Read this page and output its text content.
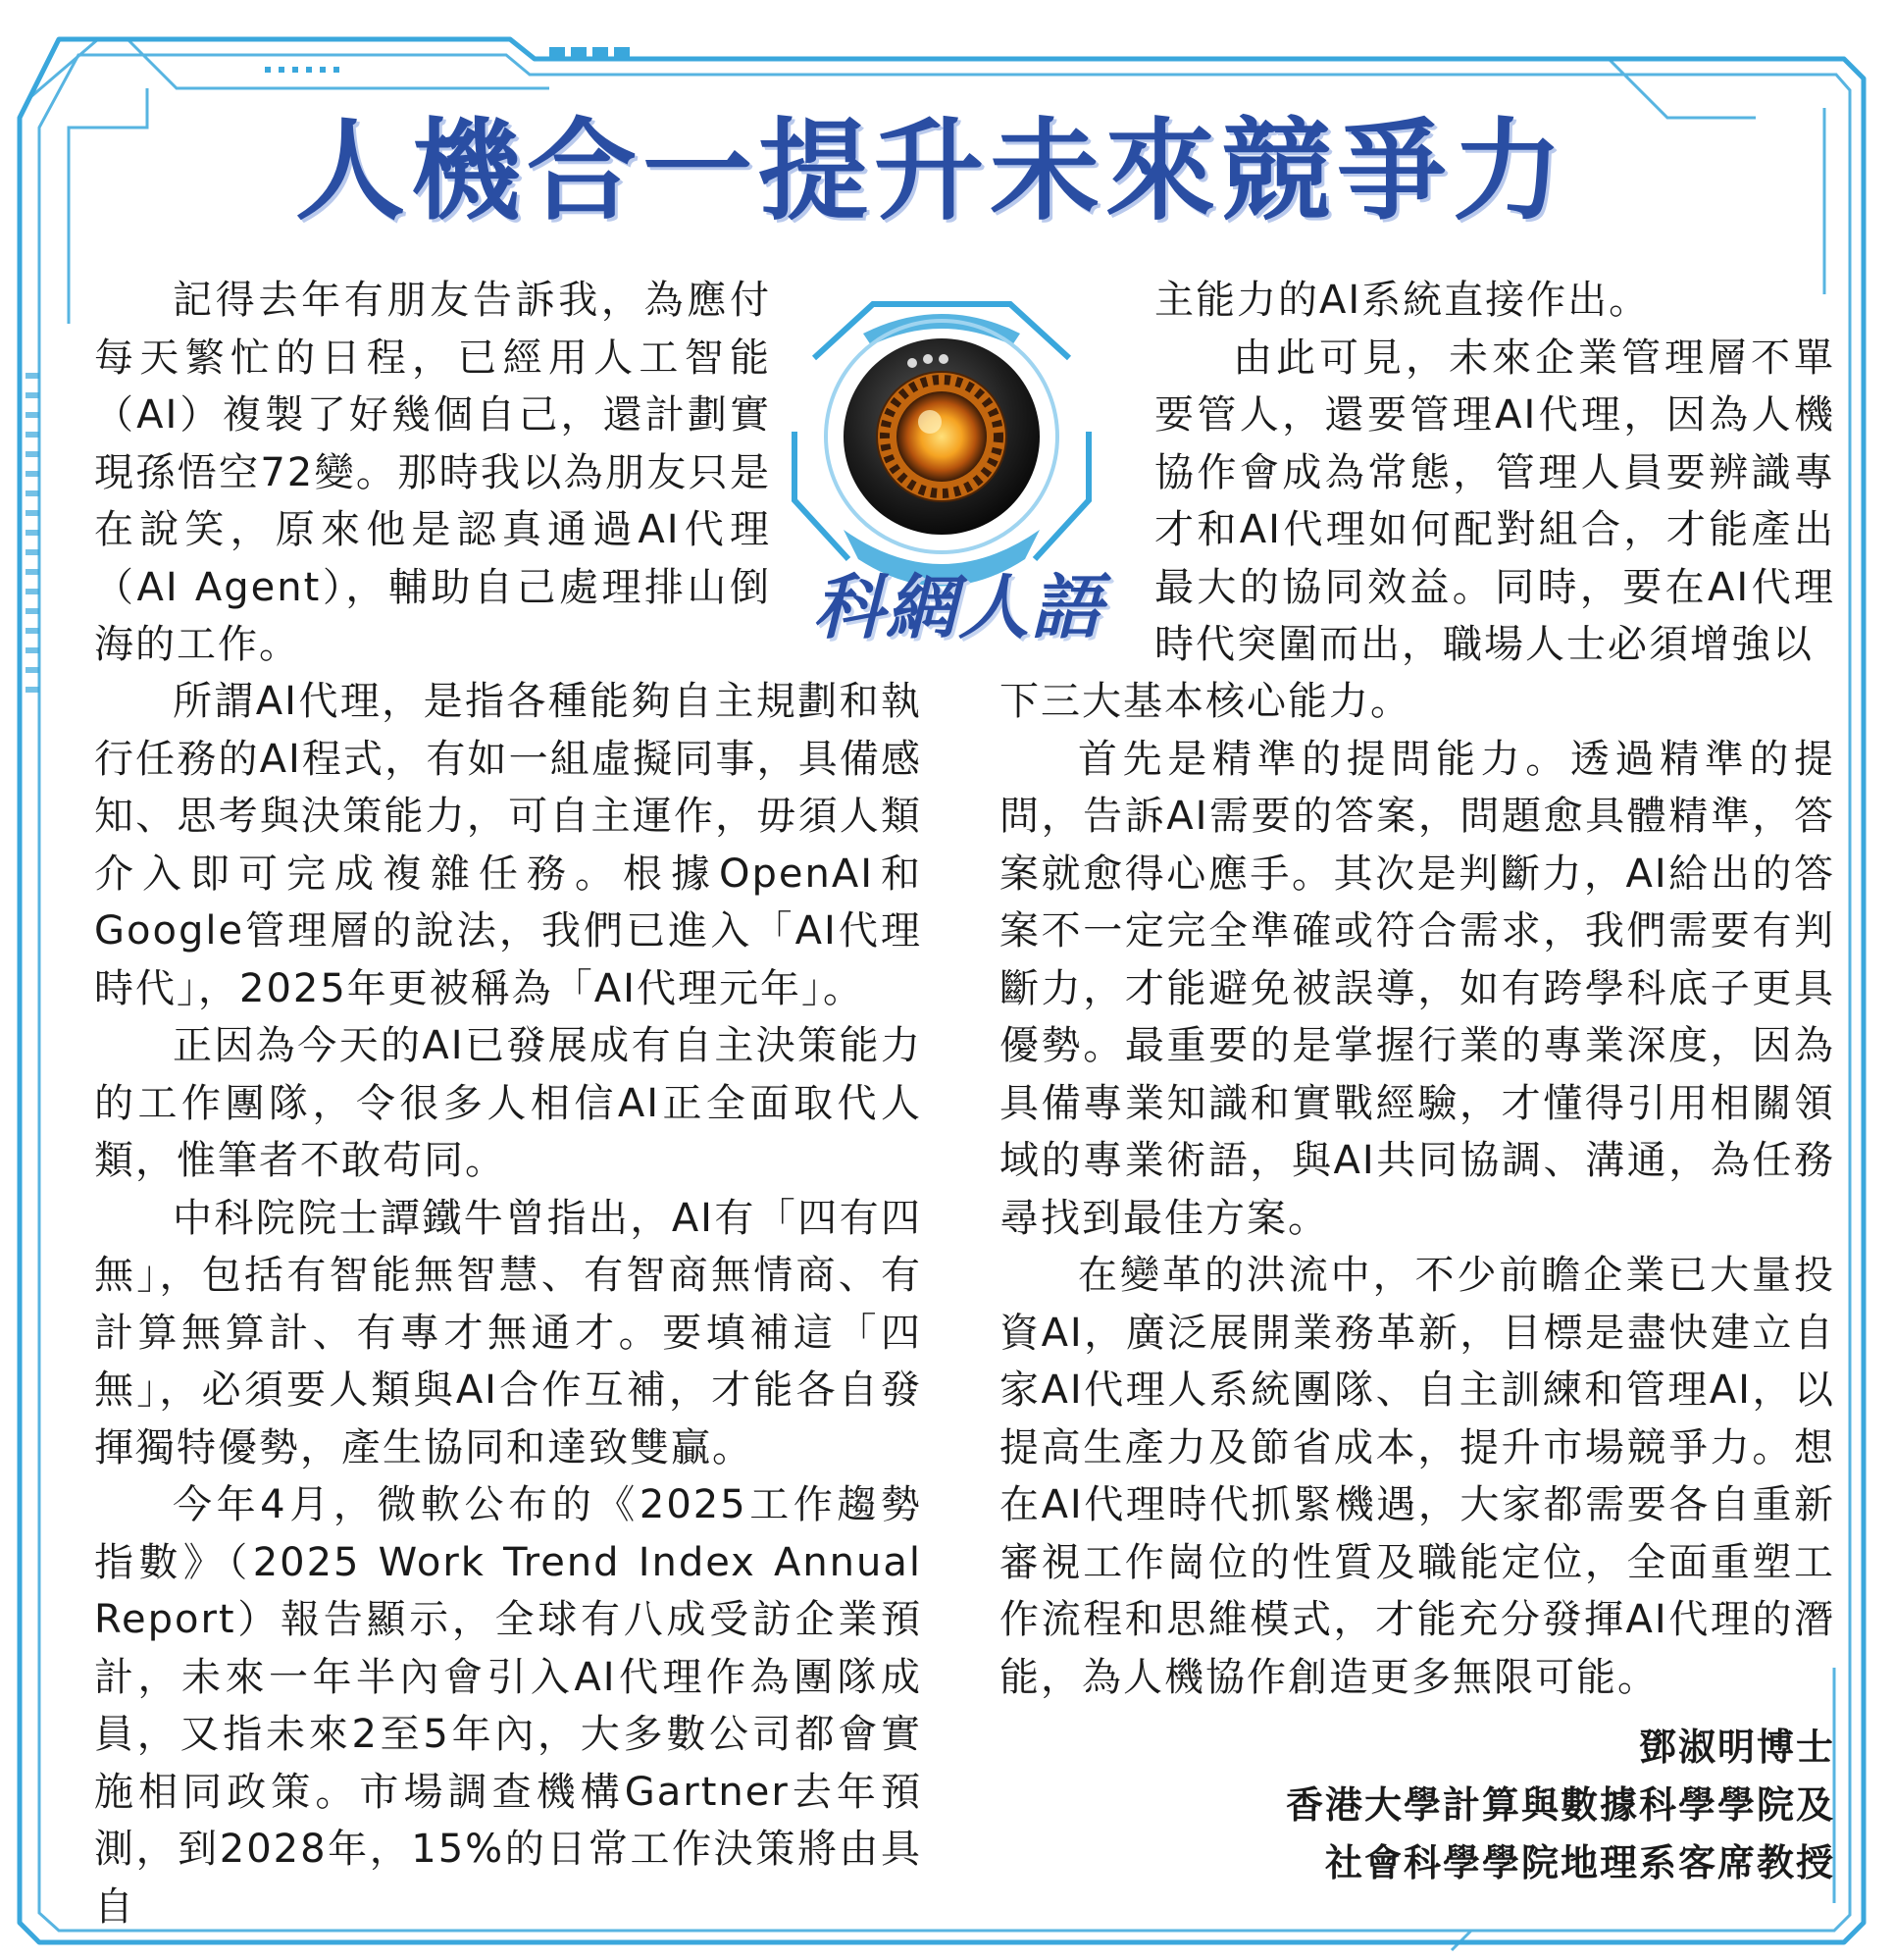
人機合一提升未來競爭力
科網人語

記得去年有朋友告訴我，為應付每天繁忙的日程，已經用人工智能（AI）複製了好幾個自己，還計劃實現孫悟空72變。那時我以為朋友只是在說笑，原來他是認真通過AI代理（AI Agent），輔助自己處理排山倒海的工作。

所謂AI代理，是指各種能夠自主規劃和執行任務的AI程式，有如一組虛擬同事，具備感知、思考與決策能力，可自主運作，毋須人類介入即可完成複雜任務。根據OpenAI和Google管理層的說法，我們已進入「AI代理時代」，2025年更被稱為「AI代理元年」。

正因為今天的AI已發展成有自主決策能力的工作團隊，令很多人相信AI正全面取代人類，惟筆者不敢苟同。

中科院院士譚鐵牛曾指出，AI有「四有四無」，包括有智能無智慧、有智商無情商、有計算無算計、有專才無通才。要填補這「四無」，必須要人類與AI合作互補，才能各自發揮獨特優勢，產生協同和達致雙贏。

今年4月，微軟公布的《2025工作趨勢指數》（2025 Work Trend Index Annual Report）報告顯示，全球有八成受訪企業預計，未來一年半內會引入AI代理作為團隊成員，又指未來2至5年內，大多數公司都會實施相同政策。市場調查機構Gartner去年預測，到2028年，15%的日常工作決策將由具自

主能力的AI系統直接作出。

由此可見，未來企業管理層不單要管人，還要管理AI代理，因為人機協作會成為常態，管理人員要辨識專才和AI代理如何配對組合，才能產出最大的協同效益。同時，要在AI代理時代突圍而出，職場人士必須增強以

下三大基本核心能力。

首先是精準的提問能力。透過精準的提問，告訴AI需要的答案，問題愈具體精準，答案就愈得心應手。其次是判斷力，AI給出的答案不一定完全準確或符合需求，我們需要有判斷力，才能避免被誤導，如有跨學科底子更具優勢。最重要的是掌握行業的專業深度，因為具備專業知識和實戰經驗，才懂得引用相關領域的專業術語，與AI共同協調、溝通，為任務尋找到最佳方案。

在變革的洪流中，不少前瞻企業已大量投資AI，廣泛展開業務革新，目標是盡快建立自家AI代理人系統團隊、自主訓練和管理AI，以提高生產力及節省成本，提升市場競爭力。想在AI代理時代抓緊機遇，大家都需要各自重新審視工作崗位的性質及職能定位，全面重塑工作流程和思維模式，才能充分發揮AI代理的潛能，為人機協作創造更多無限可能。

鄧淑明博士
香港大學計算與數據科學學院及
社會科學學院地理系客席教授
